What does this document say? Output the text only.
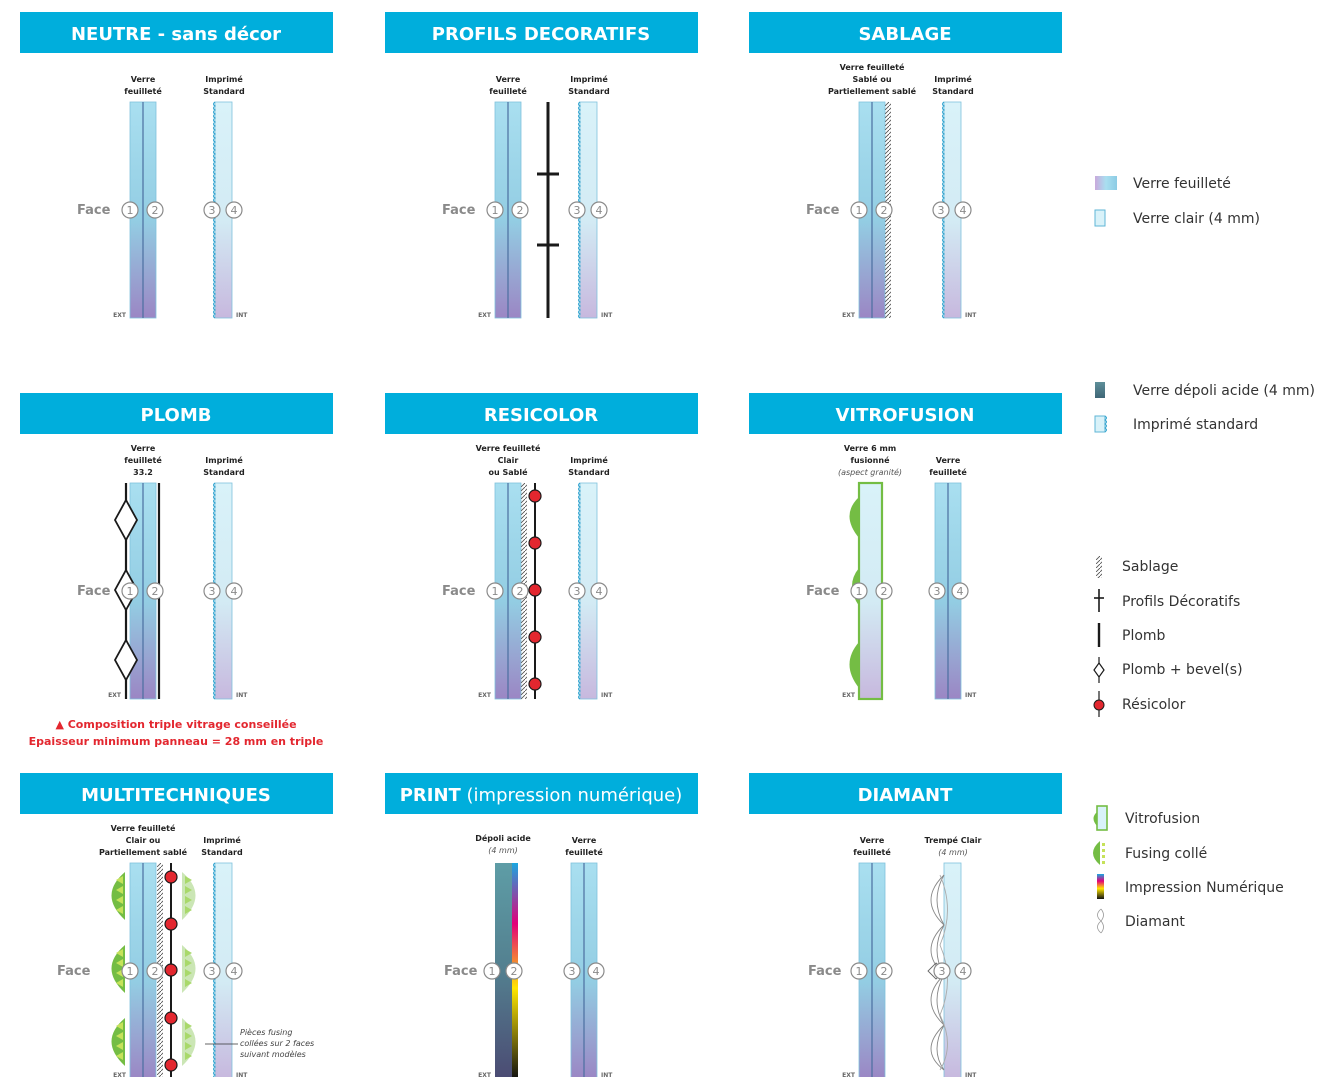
NEUTRE - sans décor
Verre
feuilleté
Imprimé
Standard
Face 1 2	3 4
EXT	INT
PROFILS DECORATIFS
Verre
feuilleté
Imprimé
Standard
Face 1 2	3 4
EXT	INT
SABLAGE
Verre feuilleté
Sablé ou
Partiellement sablé
Imprimé
Standard
Face 1 2	3 4
EXT	INT
PLOMB
Verre
feuilleté
33.2
Imprimé
Standard
Face 1 2	3 4
EXT	INT
▲ Composition triple vitrage conseillée
Epaisseur minimum panneau = 28 mm en triple
RESICOLOR
Verre feuilleté
Clair
ou Sablé
Imprimé
Standard
Face 1 2	3 4
EXT	INT
VITROFUSION
Verre 6 mm
fusionné
(aspect granité)
Verre
feuilleté
Face 1 2	3 4
EXT	INT
MULTITECHNIQUES
Verre feuilleté
Clair ou
Partiellement sablé
Imprimé
Standard
Pièces fusing
collées sur 2 faces
suivant modèles
Face	1 2	3 4
EXT	INT
PRINT (impression numérique)
Dépoli acide
(4 mm)
Verre
feuilleté
Face 1 2	3 4
EXT	INT
DIAMANT
Verre
feuilleté
Trempé Clair
(4 mm)
Face 1 2	3 4
EXT	INT
Verre feuilleté
Verre clair (4 mm)
Verre dépoli acide (4 mm)
Imprimé standard
Sablage
Profils Décoratifs
Plomb
Plomb + bevel(s)
Résicolor
Vitrofusion
Fusing collé
Impression Numérique
Diamant
